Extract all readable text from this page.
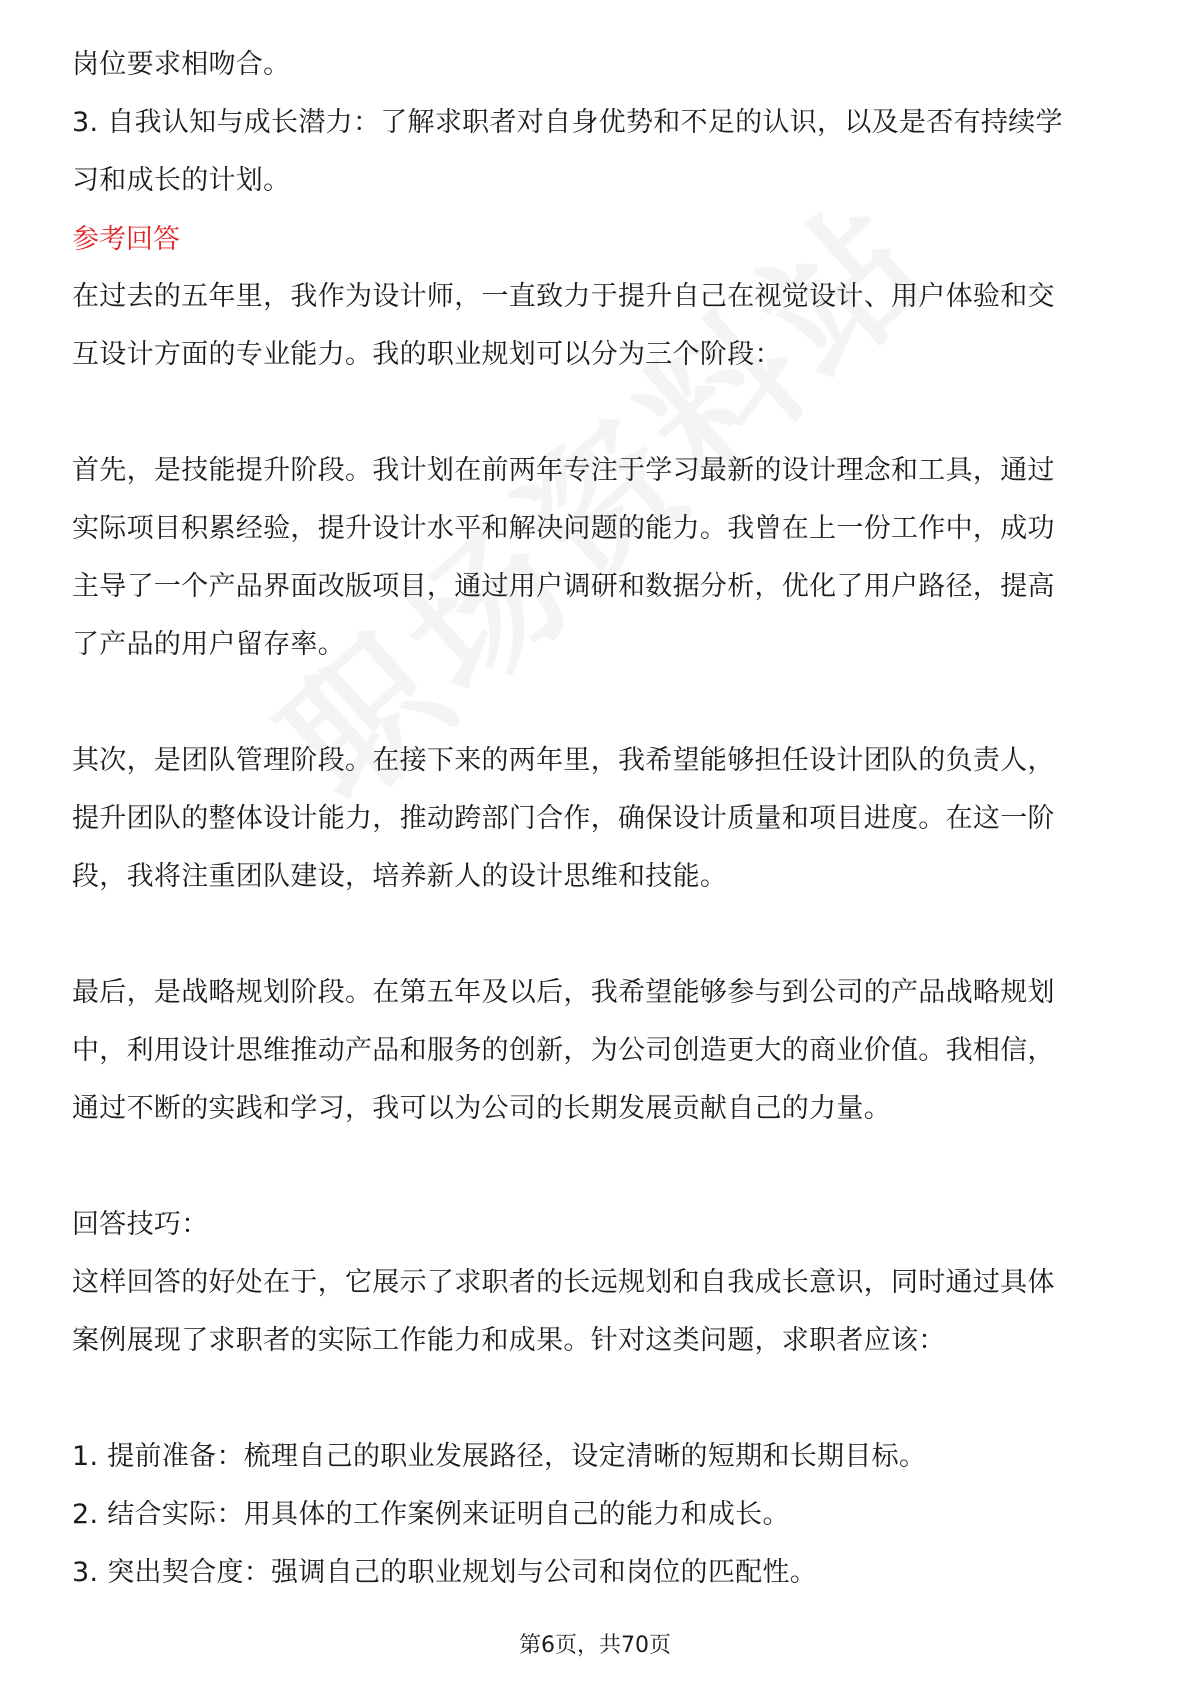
岗位要求相吻合。
3. 自我认知与成长潜力：了解求职者对自身优势和不足的认识，以及是否有持续学
习和成长的计划。
参考回答
在过去的五年里，我作为设计师，一直致力于提升自己在视觉设计、用户体验和交
互设计方面的专业能力。我的职业规划可以分为三个阶段：
首先，是技能提升阶段。我计划在前两年专注于学习最新的设计理念和工具，通过
实际项目积累经验，提升设计水平和解决问题的能力。我曾在上一份工作中，成功
主导了一个产品界面改版项目，通过用户调研和数据分析，优化了用户路径，提高
了产品的用户留存率。
其次，是团队管理阶段。在接下来的两年里，我希望能够担任设计团队的负责人，
提升团队的整体设计能力，推动跨部门合作，确保设计质量和项目进度。在这一阶
段，我将注重团队建设，培养新人的设计思维和技能。
最后，是战略规划阶段。在第五年及以后，我希望能够参与到公司的产品战略规划
中，利用设计思维推动产品和服务的创新，为公司创造更大的商业价值。我相信，
通过不断的实践和学习，我可以为公司的长期发展贡献自己的力量。
回答技巧：
这样回答的好处在于，它展示了求职者的长远规划和自我成长意识，同时通过具体
案例展现了求职者的实际工作能力和成果。针对这类问题，求职者应该：
1. 提前准备：梳理自己的职业发展路径，设定清晰的短期和长期目标。
2. 结合实际：用具体的工作案例来证明自己的能力和成长。
3. 突出契合度：强调自己的职业规划与公司和岗位的匹配性。
第6页，共70页
